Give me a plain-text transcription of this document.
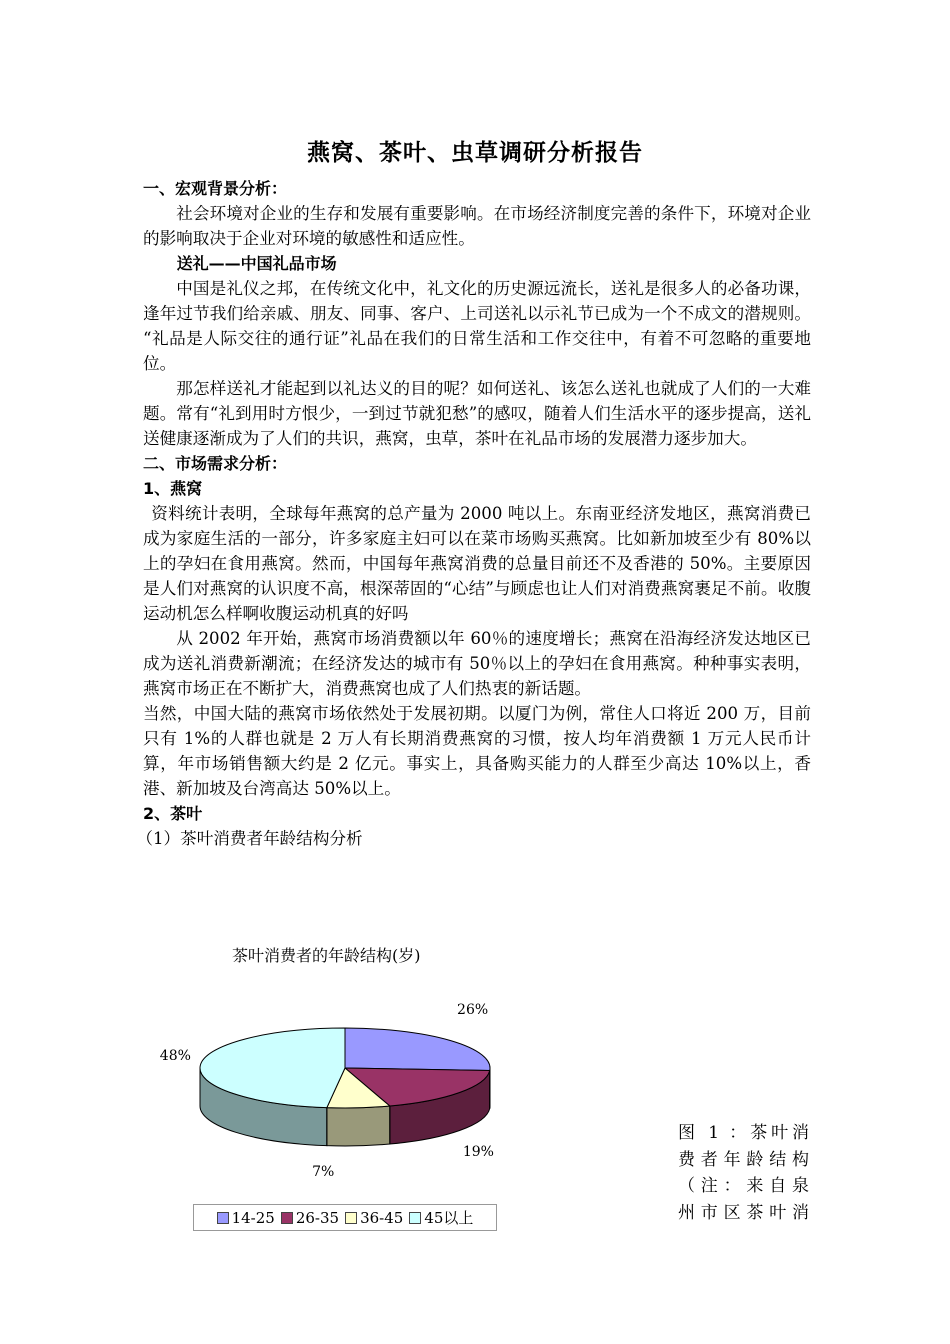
燕窝、茶叶、虫草调研分析报告

一、宏观背景分析：

社会环境对企业的生存和发展有重要影响。在市场经济制度完善的条件下，环境对企业的影响取决于企业对环境的敏感性和适应性。

送礼——中国礼品市场

中国是礼仪之邦，在传统文化中，礼文化的历史源远流长，送礼是很多人的必备功课，逢年过节我们给亲戚、朋友、同事、客户、上司送礼以示礼节已成为一个不成文的潜规则。 “礼品是人际交往的通行证”礼品在我们的日常生活和工作交往中，有着不可忽略的重要地位。

那怎样送礼才能起到以礼达义的目的呢？如何送礼、该怎么送礼也就成了人们的一大难题。常有“礼到用时方恨少，一到过节就犯愁”的感叹，随着人们生活水平的逐步提高，送礼送健康逐渐成为了人们的共识，燕窝，虫草，茶叶在礼品市场的发展潜力逐步加大。

二、市场需求分析：

1、燕窝

资料统计表明，全球每年燕窝的总产量为 2000 吨以上。东南亚经济发地区，燕窝消费已成为家庭生活的一部分，许多家庭主妇可以在菜市场购买燕窝。比如新加坡至少有 80%以上的孕妇在食用燕窝。然而，中国每年燕窝消费的总量目前还不及香港的 50%。主要原因是人们对燕窝的认识度不高，根深蒂固的“心结”与顾虑也让人们对消费燕窝裹足不前。收腹运动机怎么样啊收腹运动机真的好吗

从 2002 年开始，燕窝市场消费额以年 60％的速度增长；燕窝在沿海经济发达地区已成为送礼消费新潮流；在经济发达的城市有 50％以上的孕妇在食用燕窝。种种事实表明，燕窝市场正在不断扩大，消费燕窝也成了人们热衷的新话题。

当然，中国大陆的燕窝市场依然处于发展初期。以厦门为例，常住人口将近 200 万，目前只有 1%的人群也就是 2 万人有长期消费燕窝的习惯，按人均年消费额 1 万元人民币计算，年市场销售额大约是 2 亿元。事实上，具备购买能力的人群至少高达 10%以上，香港、新加坡及台湾高达 50%以上。

2、茶叶

（1）茶叶消费者年龄结构分析

茶叶消费者的年龄结构(岁)
26%
19%
7%
48%
14-25 26-35 36-45 45以上
图 1 ：茶叶消
费者年龄结构
（注：来自泉
州市区茶叶消
